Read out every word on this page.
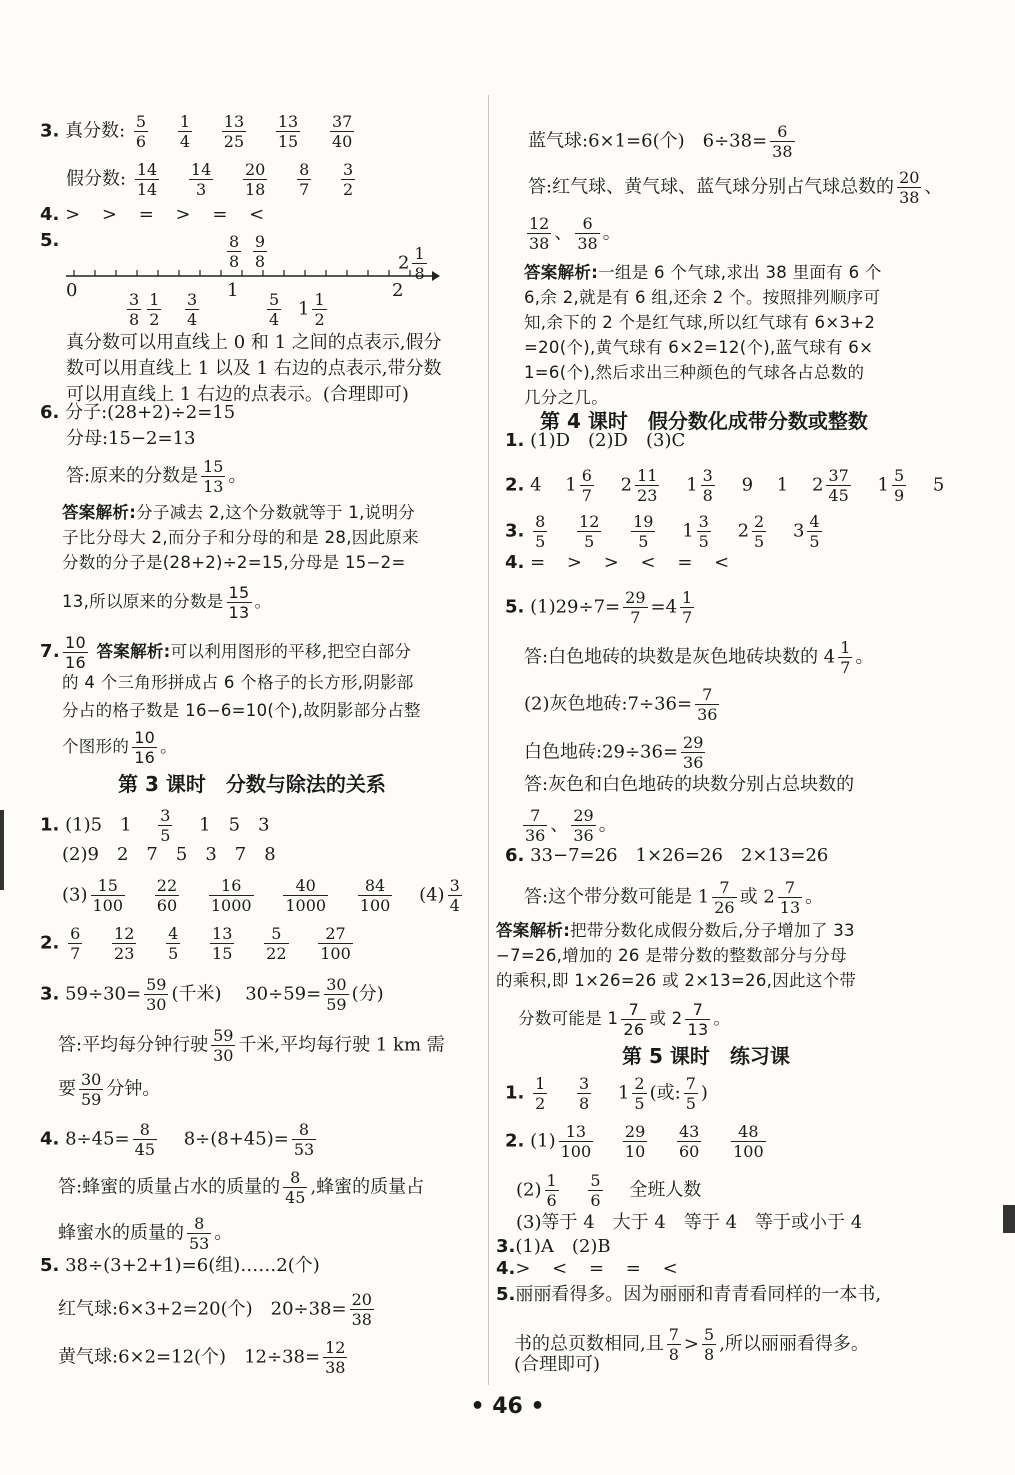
3. 真分数: $\frac{5}{6}$
$\frac{1}{4}$
$\frac{13}{25}$
$\frac{13}{15}$
$\frac{37}{40}$
假分数: $\frac{14}{14}$
$\frac{14}{3}$
$\frac{20}{18}$
$\frac{8}{7}$
$\frac{3}{2}$
4. > > = > = <
5.
0	1	2
$\frac{8}{8}$
$\frac{9}{8}$	$2 \frac{1}{8}$
$\frac{3}{8} \frac{1}{2} \frac{3}{4}$	$\frac{5}{4} 1 \frac{1}{2}$
真分数可以用直线上 0 和 1 之间的点表示,假分
数可以用直线上 1 以及 1 右边的点表示,带分数
可以用直线上 1 右边的点表示。(合理即可)
6. 分子:(28+2)÷2=15
分母:15−2=13
答:原来的分数是 $\frac{15}{13}$ 。
答案解析:分子减去 2,这个分数就等于 1,说明分
子比分母大 2,而分子和分母的和是 28,因此原来
分数的分子是(28+2)÷2=15,分母是 15−2=
13,所以原来的分数是 $\frac{15}{13}$ 。
7. $\frac{10}{16}$ 答案解析:可以利用图形的平移,把空白部分
的 4 个三角形拼成占 6 个格子的长方形,阴影部
分占的格子数是 16−6=10(个),故阴影部分占整
个图形的 $\frac{10}{16}$ 。
第 3 课时　分数与除法的关系
1. (1)5 $1 \frac{3}{5} 1$ 5 3
(2)9 2 7 5 3 7 8
$(3) \frac{15}{100}$
$\frac{22}{60}$
$\frac{16}{1000}$
$\frac{40}{1000}$
$\frac{84}{100} (4) \frac{3}{4}$
2. $\frac{6}{7}$
$\frac{12}{23}$
$\frac{4}{5}$
$\frac{13}{15}$
$\frac{5}{22}$
$\frac{27}{100}$
3. $59\div 30= \frac{59}{30}$ (千米) $30\div 59= \frac{30}{59}$ (分)
答:平均每分钟行驶 $\frac{59}{30}$ 千米,平均每行驶 1 km 需
要 $\frac{30}{59}$ 分钟。
4. $8\div 45= \frac{8}{45} 8\div(8+45)= \frac{8}{53}$
答:蜂蜜的质量占水的质量的 $\frac{8}{45}$ ,蜂蜜的质量占
蜂蜜水的质量的 $\frac{8}{53}$ 。
5. 38÷(3+2+1)=6(组)……2(个)
红气球:6×3+2=20(个)　$20\div 38= \frac{20}{38}$
黄气球:6×2=12(个)　$12\div 38= \frac{12}{38}$
蓝气球:6×1=6(个)　$6\div 38= \frac{6}{38}$
答:红气球、黄气球、蓝气球分别占气球总数的 $\frac{20}{38}$ 、
$\frac{12}{38}$ 、 $\frac{6}{38}$ 。
答案解析:一组是 6 个气球,求出 38 里面有 6 个
6,余 2,就是有 6 组,还余 2 个。按照排列顺序可
知,余下的 2 个是红气球,所以红气球有 6×3+2
=20(个),黄气球有 6×2=12(个),蓝气球有 6×
1=6(个),然后求出三种颜色的气球各占总数的
几分之几。
第 4 课时　假分数化成带分数或整数
1. (1)D　(2)D　(3)C
2. 4 $1 \frac{6}{7} 2 \frac{11}{23} 1 \frac{3}{8} 9$ 1 $2 \frac{37}{45} 1 \frac{5}{9} 5$
3. $\frac{8}{5}$
$\frac{12}{5}$
$\frac{19}{5} 1 \frac{3}{5} 2 \frac{2}{5} 3 \frac{4}{5}$
4. = > > < = <
5. $(1)29\div 7= \frac{29}{7} =4 \frac{1}{7}$
答:白色地砖的块数是灰色地砖块数的 $4 \frac{1}{7}$ 。
(2)灰色地砖:7÷36= $\frac{7}{36}$
白色地砖:29÷36= $\frac{29}{36}$
答:灰色和白色地砖的块数分别占总块数的
$\frac{7}{36}$ 、 $\frac{29}{36}$ 。
6. 33−7=26　1×26=26　2×13=26
答:这个带分数可能是 $1 \frac{7}{26}$ 或 $2 \frac{7}{13}$ 。
答案解析:把带分数化成假分数后,分子增加了 33
−7=26,增加的 26 是带分数的整数部分与分母
的乘积,即 1×26=26 或 2×13=26,因此这个带
分数可能是 $1 \frac{7}{26}$ 或 $2 \frac{7}{13}$ 。
第 5 课时　练习课
1. $\frac{1}{2}$
$\frac{3}{8} 1 \frac{2}{5}$ (或: $\frac{7}{5}$ )
2. $(1) \frac{13}{100}$
$\frac{29}{10}$
$\frac{43}{60}$
$\frac{48}{100}$
$(2) \frac{1}{6}$
$\frac{5}{6}$ 全班人数
(3)等于 4　大于 4　等于 4　等于或小于 4
3.(1)A　(2)B
4.> < = = <
5.丽丽看得多。因为丽丽和青青看同样的一本书,
书的总页数相同,且 $\frac{7}{8} > \frac{5}{8}$ ,所以丽丽看得多。
(合理即可)
• 46 •
